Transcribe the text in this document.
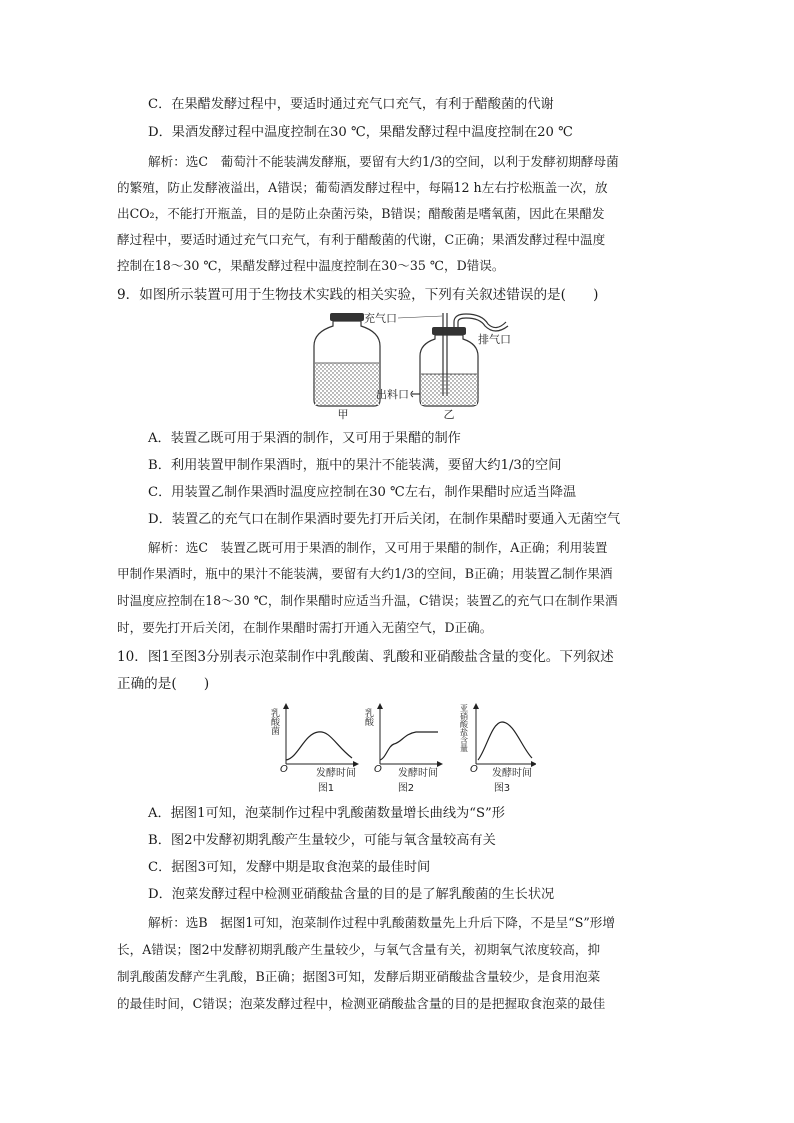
C．在果醋发酵过程中，要适时通过充气口充气，有利于醋酸菌的代谢
D．果酒发酵过程中温度控制在30 ℃，果醋发酵过程中温度控制在20 ℃
解析：选C　葡萄汁不能装满发酵瓶，要留有大约1/3的空间，以利于发酵初期酵母菌
的繁殖，防止发酵液溢出，A错误；葡萄酒发酵过程中，每隔12 h左右拧松瓶盖一次，放
出CO₂，不能打开瓶盖，目的是防止杂菌污染，B错误；醋酸菌是嗜氧菌，因此在果醋发
酵过程中，要适时通过充气口充气，有利于醋酸菌的代谢，C正确；果酒发酵过程中温度
控制在18～30 ℃，果醋发酵过程中温度控制在30～35 ℃，D错误。
9．如图所示装置可用于生物技术实践的相关实验，下列有关叙述错误的是(　　)
充气口
排气口
出料口
甲	乙
A．装置乙既可用于果酒的制作，又可用于果醋的制作
B．利用装置甲制作果酒时，瓶中的果汁不能装满，要留大约1/3的空间
C．用装置乙制作果酒时温度应控制在30 ℃左右，制作果醋时应适当降温
D．装置乙的充气口在制作果酒时要先打开后关闭，在制作果醋时要通入无菌空气
解析：选C　装置乙既可用于果酒的制作，又可用于果醋的制作，A正确；利用装置
甲制作果酒时，瓶中的果汁不能装满，要留有大约1/3的空间，B正确；用装置乙制作果酒
时温度应控制在18～30 ℃，制作果醋时应适当升温，C错误；装置乙的充气口在制作果酒
时，要先打开后关闭，在制作果醋时需打开通入无菌空气，D正确。
10．图1至图3分别表示泡菜制作中乳酸菌、乳酸和亚硝酸盐含量的变化。下列叙述
正确的是(　　)
O
乳酸菌
发酵时间
图1
O
乳酸
发酵时间
图2
O
亚硝酸盐含量
发酵时间
图3
A．据图1可知，泡菜制作过程中乳酸菌数量增长曲线为“S”形
B．图2中发酵初期乳酸产生量较少，可能与氧含量较高有关
C．据图3可知，发酵中期是取食泡菜的最佳时间
D．泡菜发酵过程中检测亚硝酸盐含量的目的是了解乳酸菌的生长状况
解析：选B　据图1可知，泡菜制作过程中乳酸菌数量先上升后下降，不是呈“S”形增
长，A错误；图2中发酵初期乳酸产生量较少，与氧气含量有关，初期氧气浓度较高，抑
制乳酸菌发酵产生乳酸，B正确；据图3可知，发酵后期亚硝酸盐含量较少，是食用泡菜
的最佳时间，C错误；泡菜发酵过程中，检测亚硝酸盐含量的目的是把握取食泡菜的最佳
